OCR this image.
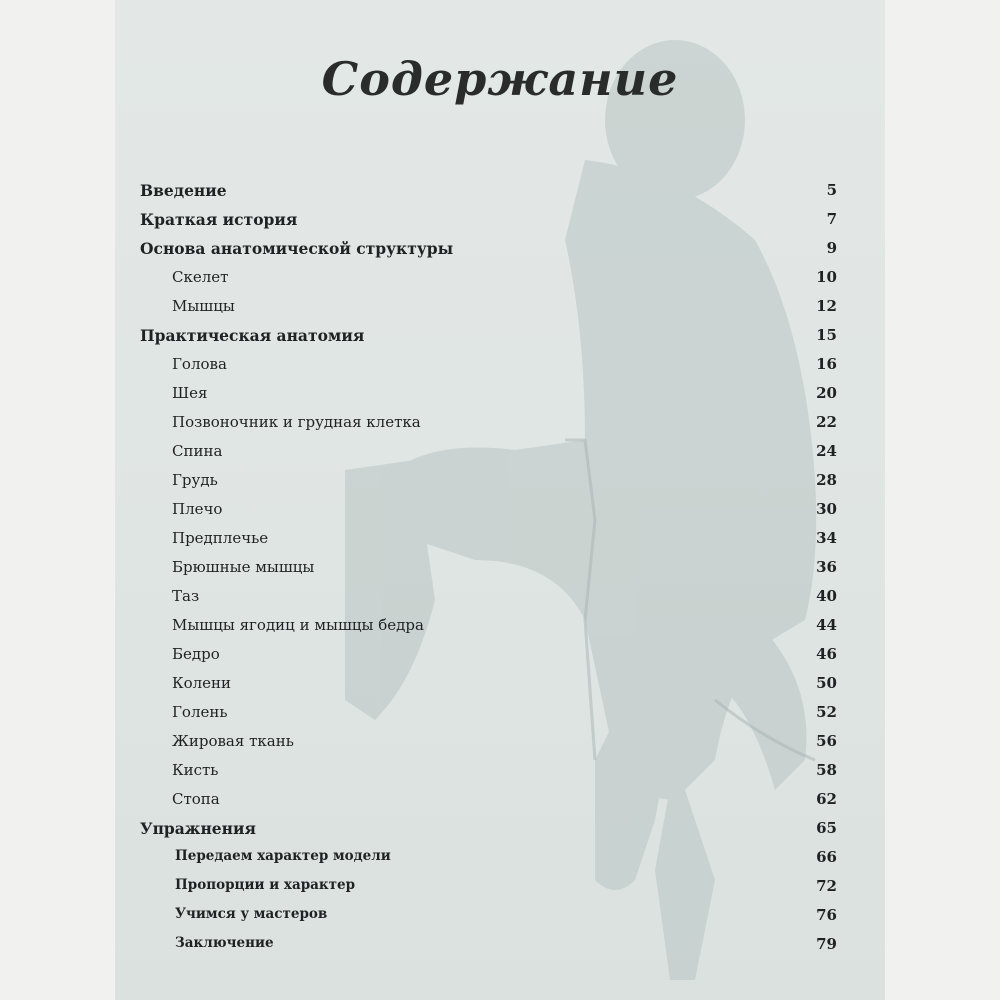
Содержание
Введение	5
Краткая история	7
Основа анатомической структуры	9
Скелет	10
Мышцы	12
Практическая анатомия	15
Голова	16
Шея	20
Позвоночник и грудная клетка	22
Спина	24
Грудь	28
Плечо	30
Предплечье	34
Брюшные мышцы	36
Таз	40
Мышцы ягодиц и мышцы бедра	44
Бедро	46
Колени	50
Голень	52
Жировая ткань	56
Кисть	58
Стопа	62
Упражнения	65
Передаем характер модели	66
Пропорции и характер	72
Учимся у мастеров	76
Заключение	79
